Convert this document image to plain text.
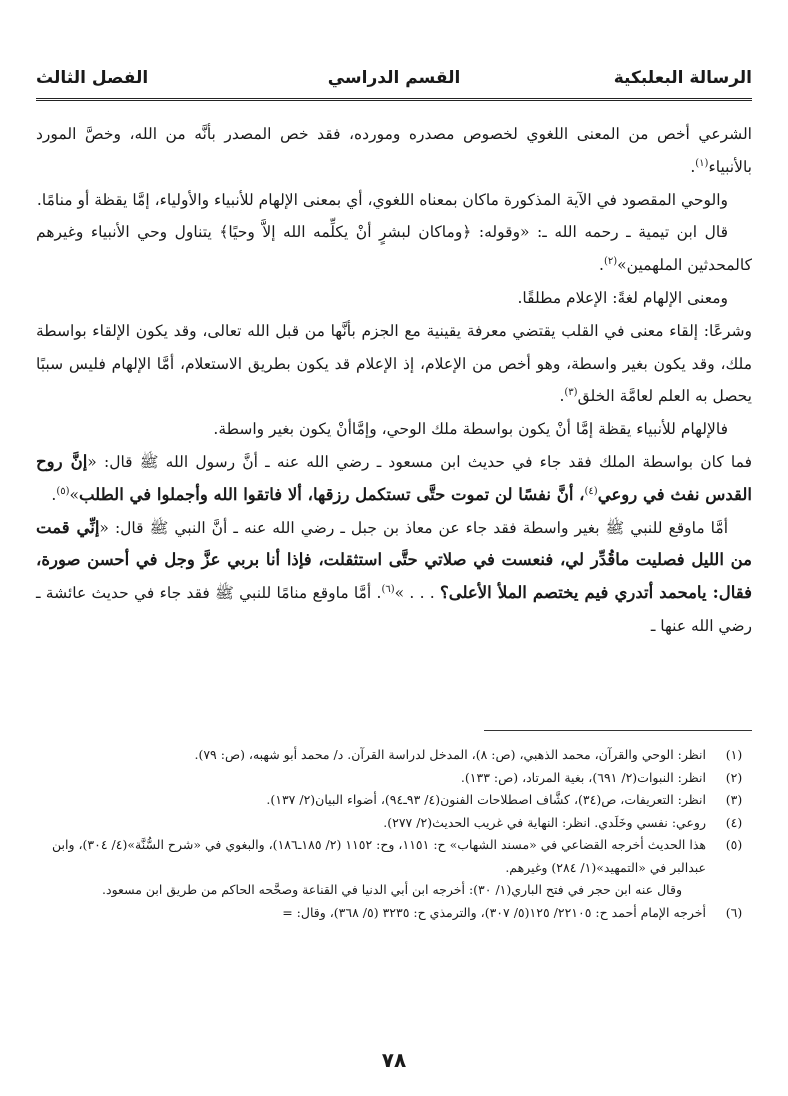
الرسالة البعلبكية
القسم الدراسي
الفصل الثالث

الشرعي أخص من المعنى اللغوي لخصوص مصدره ومورده، فقد خص المصدر بأنَّه من الله، وخصَّ المورد بالأنبياء$^{(١)}$.

والوحي المقصود في الآية المذكورة ماكان بمعناه اللغوي، أي بمعنى الإلهام للأنبياء والأولياء، إمَّا يقظة أو منامًا.

قال ابن تيمية ـ رحمه الله ـ: «وقوله: ﴿وماكان لبشرٍ أنْ يكلِّمه الله إلاَّ وحيًا﴾ يتناول وحي الأنبياء وغيرهم كالمحدثين الملهمين»$^{(٢)}$.

ومعنى الإلهام لغةً: الإعلام مطلقًا.

وشرعًا: إلقاء معنى في القلب يقتضي معرفة يقينية مع الجزم بأنَّها من قبل الله تعالى، وقد يكون الإلقاء بواسطة ملك، وقد يكون بغير واسطة، وهو أخص من الإعلام، إذ الإعلام قد يكون بطريق الاستعلام، أمَّا الإلهام فليس سببًا يحصل به العلم لعامَّة الخلق$^{(٣)}$.

فالإلهام للأنبياء يقظة إمَّا أنْ يكون بواسطة ملك الوحي، وإمَّاأنْ يكون بغير واسطة.

فما كان بواسطة الملك فقد جاء في حديث ابن مسعود ـ رضي الله عنه ـ أنَّ رسول الله ﷺ قال: «إنَّ روح القدس نفث في روعي$^{(٤)}$، أنَّ نفسًا لن تموت حتَّى تستكمل رزقها، ألا فاتقوا الله وأجملوا في الطلب»$^{(٥)}$.

أمَّا ماوقع للنبي ﷺ بغير واسطة فقد جاء عن معاذ بن جبل ـ رضي الله عنه ـ أنَّ النبي ﷺ قال: «إنِّي قمت من الليل فصليت ماقُدِّر لي، فنعست في صلاتي حتَّى استثقلت، فإذا أنا بربي عزَّ وجل في أحسن صورة، فقال: يامحمد أتدري فيم يختصم الملأ الأعلى؟ . . . »$^{(٦)}$. أمَّا ماوقع منامًا للنبي ﷺ فقد جاء في حديث عائشة ـ رضي الله عنها ـ

(١)
انظر: الوحي والقرآن، محمد الذهبي، (ص: ٨)، المدخل لدراسة القرآن. د/ محمد أبو شهبه، (ص: ٧٩).
(٢)
انظر: النبوات(٢/ ٦٩١)، بغية المرتاد، (ص: ١٣٣).
(٣)
انظر: التعريفات، ص(٣٤)، كشَّاف اصطلاحات الفنون(٤/ ٩٣ـ٩٤)، أضواء البيان(٢/ ١٣٧).
(٤)
روعي: نفسي وخَلَدي. انظر: النهاية في غريب الحديث(٢/ ٢٧٧).
(٥)
هذا الحديث أخرجه القضاعي في «مسند الشهاب» ح: ١١٥١، وح: ١١٥٢ (٢/ ١٨٥ـ١٨٦)، والبغوي في «شرح السُّنَّة»(٤/ ٣٠٤)، وابن عبدالبر في «التمهيد»(١/ ٢٨٤) وغيرهم.
وقال عنه ابن حجر في فتح الباري(١/ ٣٠): أخرجه ابن أبي الدنيا في القناعة وصحَّحه الحاكم من طريق ابن مسعود.
(٦)
أخرجه الإمام أحمد ح: ٢٢١٠٥/ ١٢٥(٥/ ٣٠٧)، والترمذي ح: ٣٢٣٥ (٥/ ٣٦٨)، وقال: =
٧٨
